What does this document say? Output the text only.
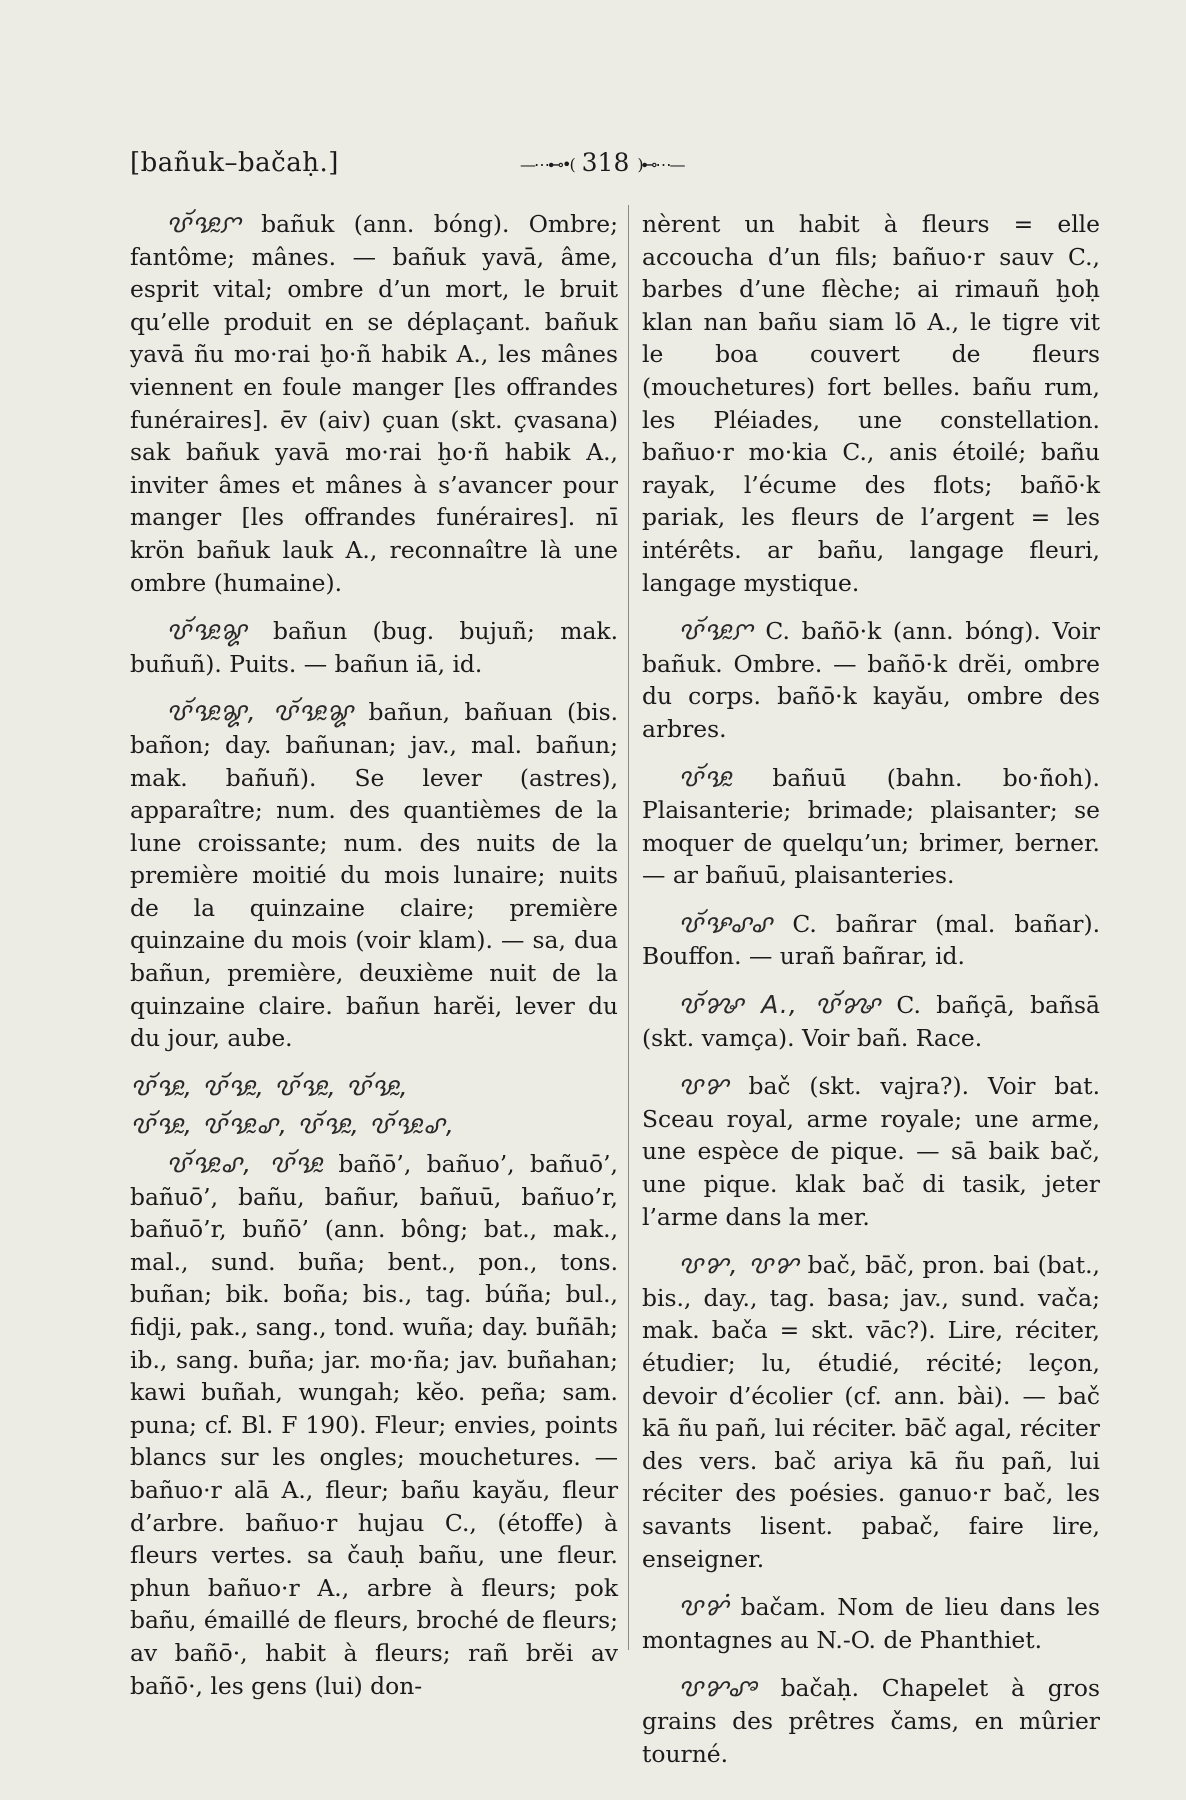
[bañuk–bačaḥ.]	—⋯⊷•( 318 )⊷⋯—

ꨝꨮꨊꨭꨆ bañuk (ann. bóng). Ombre; fantôme; mânes. — bañuk yavā, âme, esprit vital; ombre d’un mort, le bruit qu’elle produit en se déplaçant. bañuk yavā ñu mo·rai ḫo·ñ habik A., les mânes viennent en foule manger [les offrandes funéraires]. ēv (aiv) çuan (skt. çvasana) sak bañuk yavā mo·rai ḫo·ñ habik A., inviter âmes et mânes à s’avancer pour manger [les offrandes funéraires]. nī krön bañuk lauk A., reconnaître là une ombre (humaine).

ꨝꨮꨊꨭꨘ bañun (bug. bujuñ; mak. buñuñ). Puits. — bañun iā, id.

ꨝꨮꨊꨭꨘ, ꨝꨮꨊꨭꨘ bañun, bañuan (bis. bañon; day. bañunan; jav., mal. bañun; mak. bañuñ). Se lever (astres), apparaître; num. des quantièmes de la lune croissante; num. des nuits de la première moitié du mois lunaire; nuits de la quinzaine claire; première quinzaine du mois (voir klam). — sa, dua bañun, première, deuxième nuit de la quinzaine claire. bañun harĕi, lever du du jour, aube.

ꨝꨮꨊꨭ, ꨝꨮꨊꨭ, ꨝꨮꨊꨭ, ꨝꨮꨊꨭ,

ꨝꨮꨊꨭ, ꨝꨮꨊꨭꨣ, ꨝꨮꨊꨭ, ꨝꨮꨊꨭꨣ,

ꨝꨮꨊꨭꨣ, ꨝꨮꨊꨭ bañō’, bañuo’, bañuō’, bañuō’, bañu, bañur, bañuū, bañuo’r, bañuō’r, buñō’ (ann. bông; bat., mak., mal., sund. buña; bent., pon., tons. buñan; bik. boña; bis., tag. búña; bul., fidji, pak., sang., tond. wuña; day. buñāh; ib., sang. buña; jar. mo·ña; jav. buñahan; kawi buñah, wungah; kĕo. peña; sam. puna; cf. Bl. F 190). Fleur; envies, points blancs sur les ongles; mouchetures. — bañuo·r alā A., fleur; bañu kayău, fleur d’arbre. bañuo·r hujau C., (étoffe) à fleurs vertes. sa čauḥ bañu, une fleur. phun bañuo·r A., arbre à fleurs; pok bañu, émaillé de fleurs, broché de fleurs; av bañō·, habit à fleurs; rañ brĕi av bañō·, les gens (lui) don-

nèrent un habit à fleurs = elle accoucha d’un fils; bañuo·r sauv C., barbes d’une flèche; ai rimauñ ḫoḥ klan nan bañu siam lō A., le tigre vit le boa couvert de fleurs (mouchetures) fort belles. bañu rum, les Pléiades, une constellation. bañuo·r mo·kia C., anis étoilé; bañu rayak, l’écume des flots; bañō·k pariak, les fleurs de l’argent = les intérêts. ar bañu, langage fleuri, langage mystique.

ꨝꨮꨊꨭꨆ C. bañō·k (ann. bóng). Voir bañuk. Ombre. — bañō·k drĕi, ombre du corps. bañō·k kayău, ombre des arbres.

ꨝꨮꨊꨭ bañuū (bahn. bo·ñoh). Plaisanterie; brimade; plaisanter; se moquer de quelqu’un; brimer, berner. — ar bañuū, plaisanteries.

ꨝꨮꨊꨣꨣ C. bañrar (mal. bañar). Bouffon. — urañ bañrar, id.

ꨝꨮꨍ A., ꨝꨮꨍ C. bañçā, bañsā (skt. vamça). Voir bañ. Race.

ꨝꨌ bač (skt. vajra?). Voir bat. Sceau royal, arme royale; une arme, une espèce de pique. — sā baik bač, une pique. klak bač di tasik, jeter l’arme dans la mer.

ꨝꨌ, ꨝꨌ bač, bāč, pron. bai (bat., bis., day., tag. basa; jav., sund. vača; mak. bača = skt. vāc?). Lire, réciter, étudier; lu, étudié, récité; leçon, devoir d’écolier (cf. ann. bài). — bač kā ñu pañ, lui réciter. bāč agal, réciter des vers. bač ariya kā ñu pañ, lui réciter des poésies. ganuo·r bač, les savants lisent. pabač, faire lire, enseigner.

ꨝꨌꩌ bačam. Nom de lieu dans les montagnes au N.-O. de Phanthiet.

ꨝꨌꨨ bačaḥ. Chapelet à gros grains des prêtres čams, en mûrier tourné.
